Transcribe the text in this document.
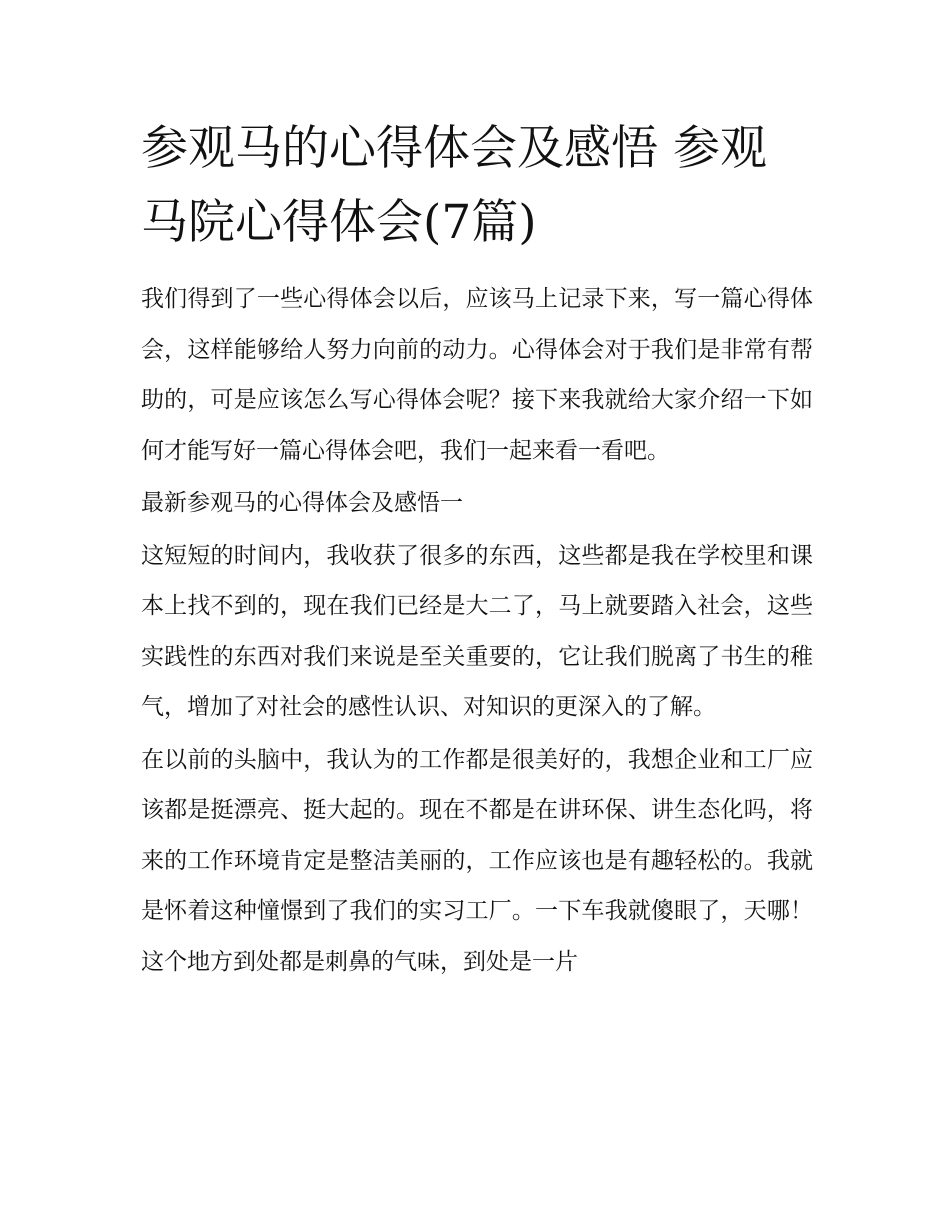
参观马的心得体会及感悟 参观马院心得体会(7篇)

我们得到了一些心得体会以后，应该马上记录下来，写一篇心得体会，这样能够给人努力向前的动力。心得体会对于我们是非常有帮助的，可是应该怎么写心得体会呢？接下来我就给大家介绍一下如何才能写好一篇心得体会吧，我们一起来看一看吧。

最新参观马的心得体会及感悟一

这短短的时间内，我收获了很多的东西，这些都是我在学校里和课本上找不到的，现在我们已经是大二了，马上就要踏入社会，这些实践性的东西对我们来说是至关重要的，它让我们脱离了书生的稚气，增加了对社会的感性认识、对知识的更深入的了解。

在以前的头脑中，我认为的工作都是很美好的，我想企业和工厂应该都是挺漂亮、挺大起的。现在不都是在讲环保、讲生态化吗，将来的工作环境肯定是整洁美丽的，工作应该也是有趣轻松的。我就是怀着这种憧憬到了我们的实习工厂。一下车我就傻眼了，天哪！这个地方到处都是刺鼻的气味，到处是一片
